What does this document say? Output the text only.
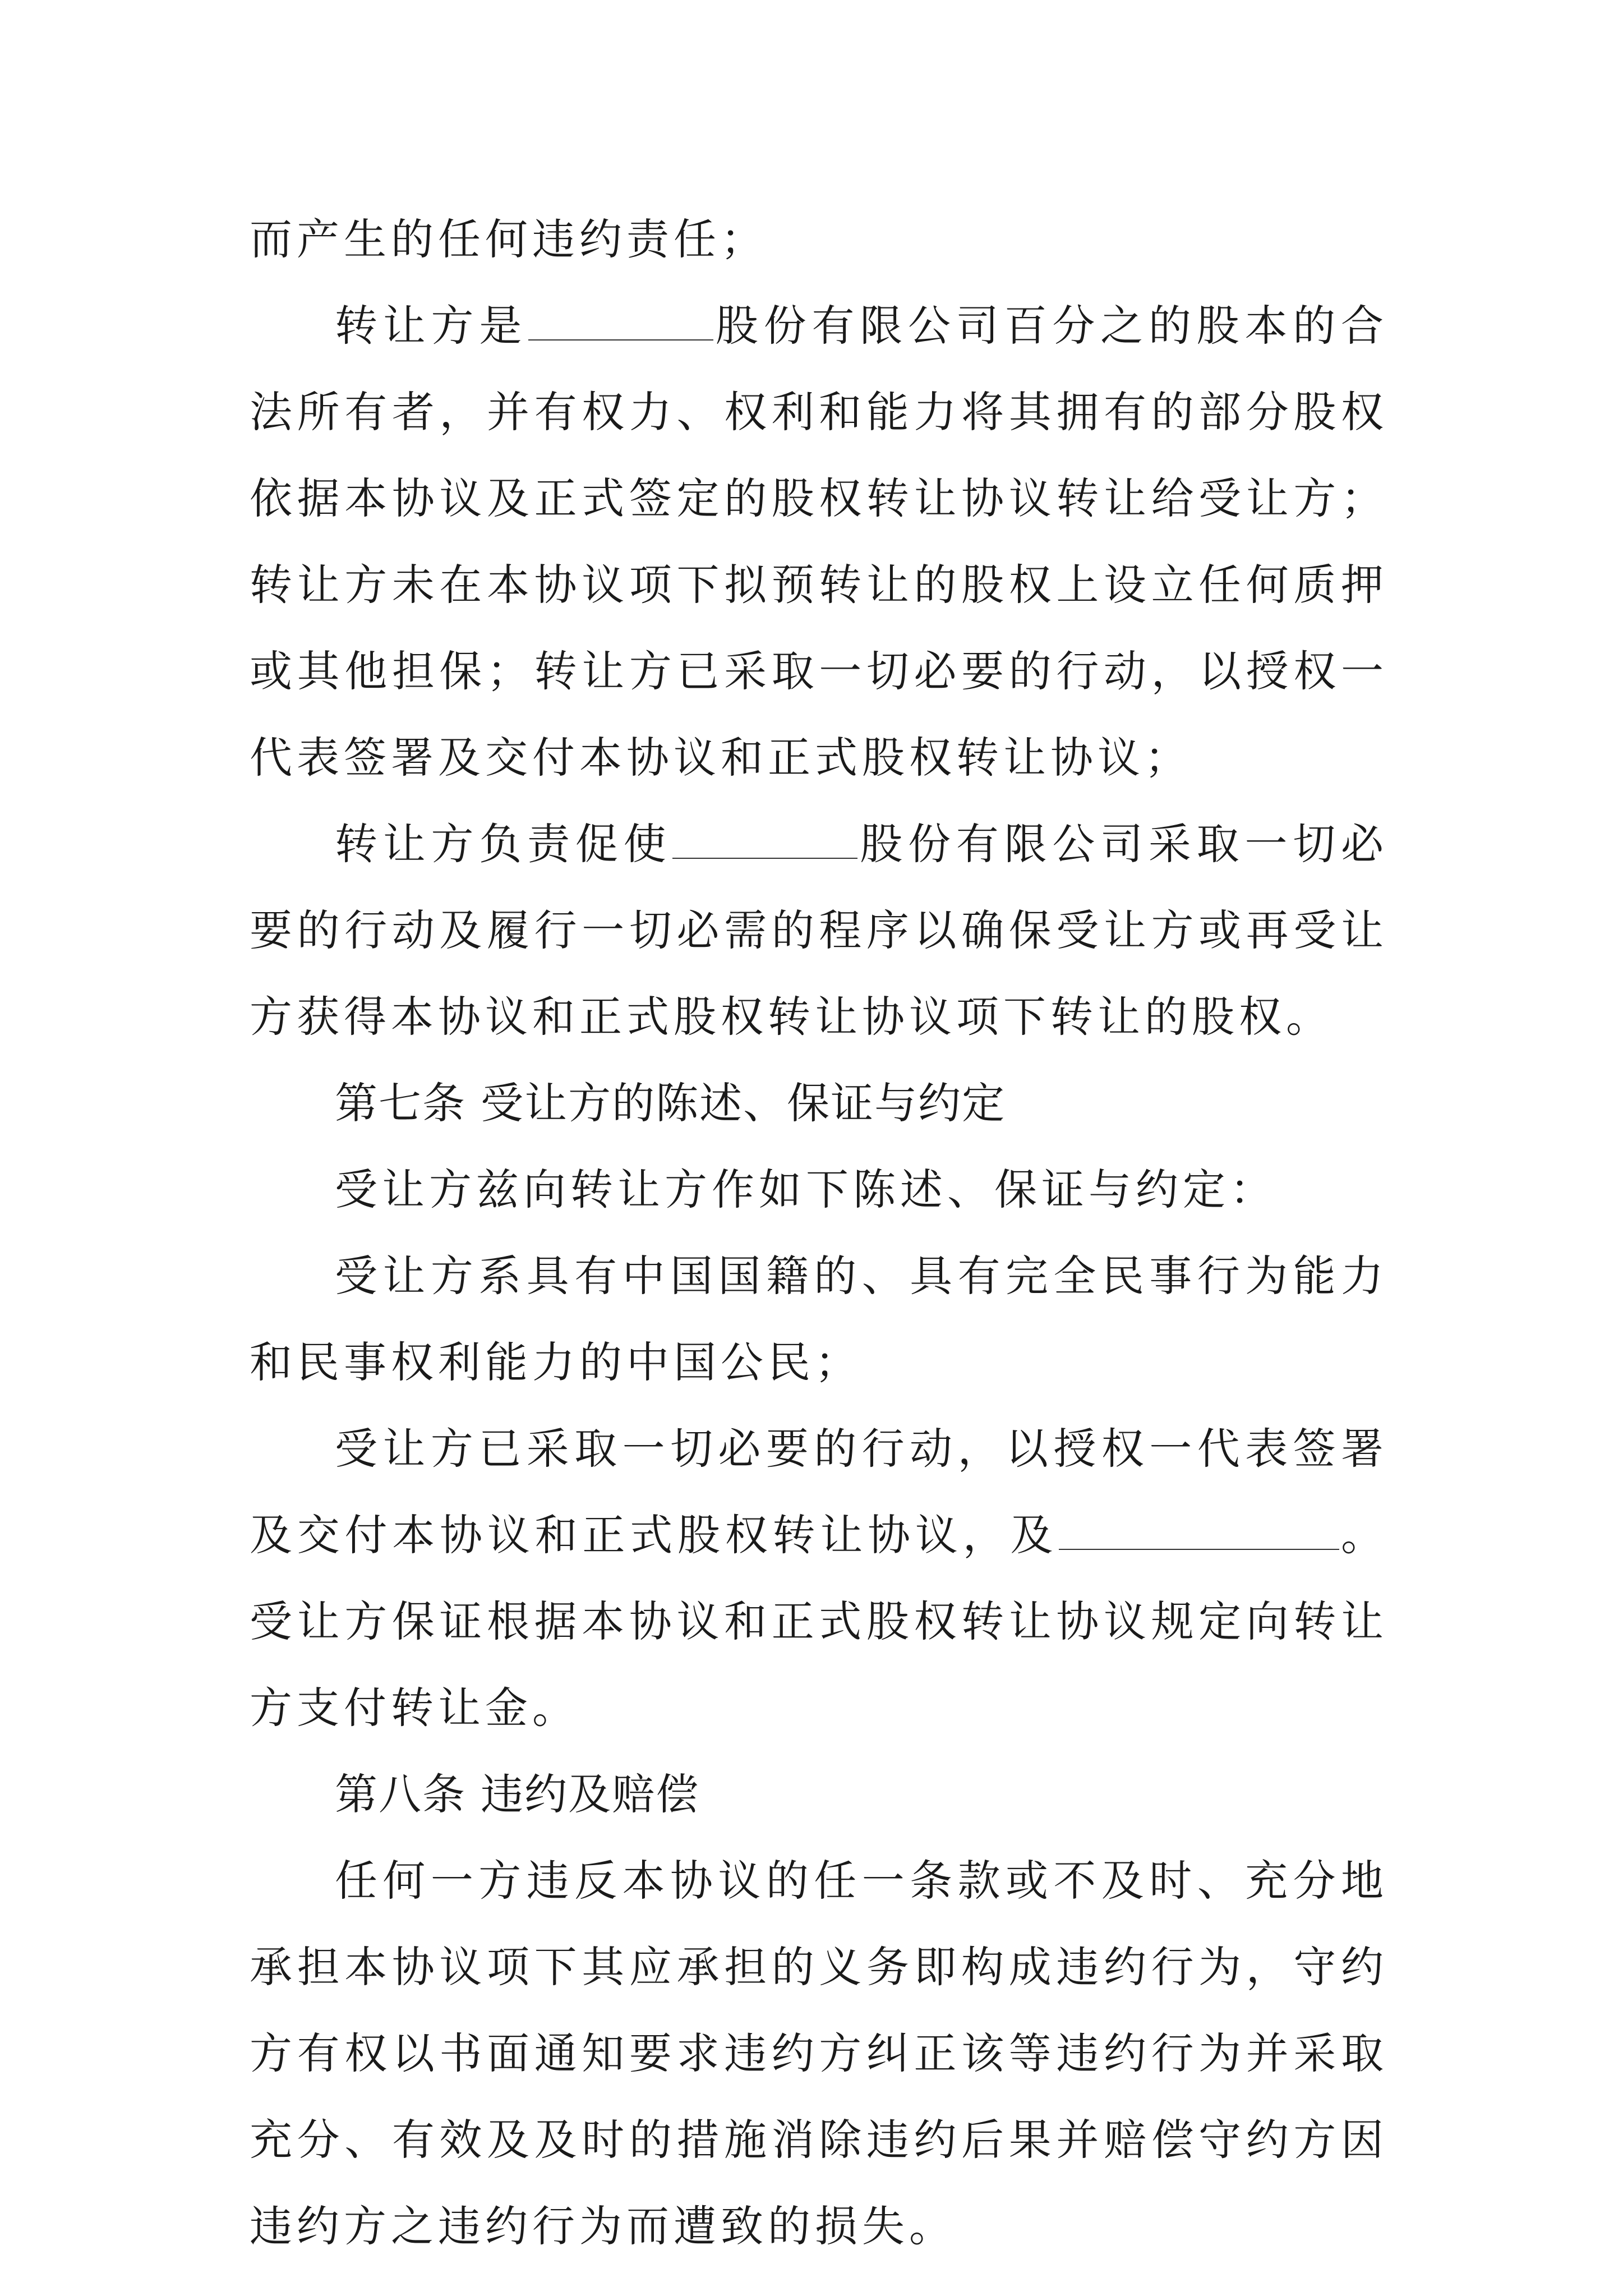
而产生的任何违约责任；

转让方是	股份有限公司百分之的股本的合法所有者，并有权力、权利和能力将其拥有的部分股权依据本协议及正式签定的股权转让协议转让给受让方；转让方未在本协议项下拟预转让的股权上设立任何质押或其他担保；转让方已采取一切必要的行动，以授权一代表签署及交付本协议和正式股权转让协议；

转让方负责促使	股份有限公司采取一切必要的行动及履行一切必需的程序以确保受让方或再受让方获得本协议和正式股权转让协议项下转让的股权。

第七条 受让方的陈述、保证与约定

受让方兹向转让方作如下陈述、保证与约定：

受让方系具有中国国籍的、具有完全民事行为能力和民事权利能力的中国公民；

受让方已采取一切必要的行动，以授权一代表签署及交付本协议和正式股权转让协议，及	。受让方保证根据本协议和正式股权转让协议规定向转让方支付转让金。

第八条 违约及赔偿

任何一方违反本协议的任一条款或不及时、充分地承担本协议项下其应承担的义务即构成违约行为，守约方有权以书面通知要求违约方纠正该等违约行为并采取充分、有效及及时的措施消除违约后果并赔偿守约方因违约方之违约行为而遭致的损失。
